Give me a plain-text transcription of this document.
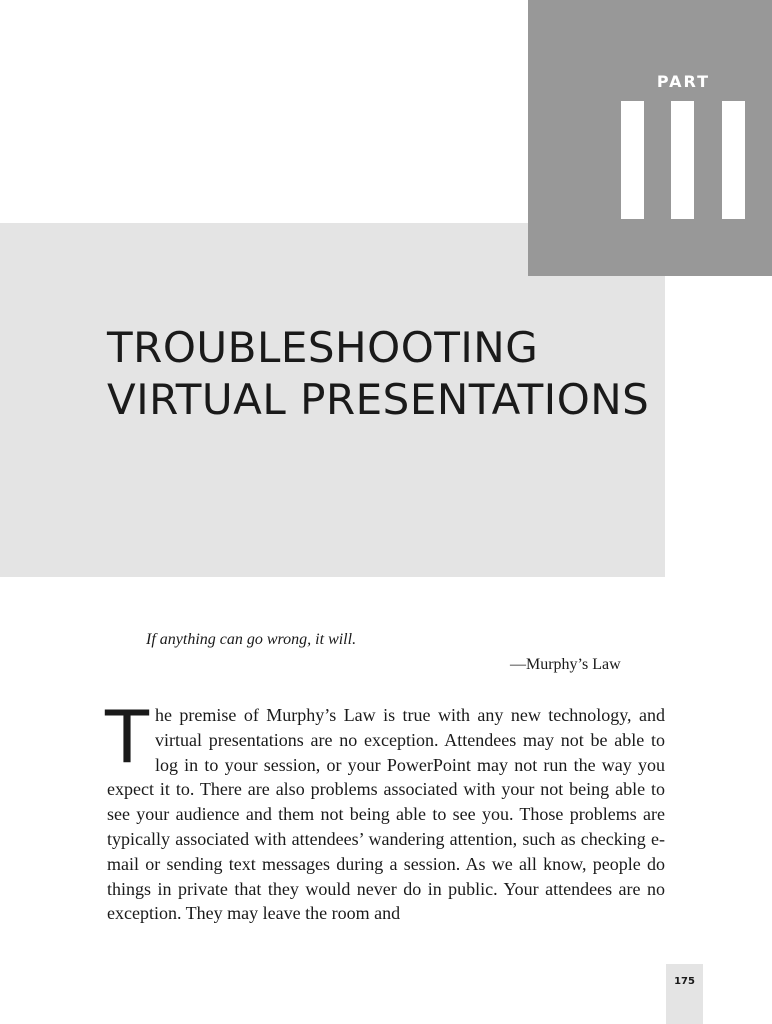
PART
TROUBLESHOOTING
VIRTUAL PRESENTATIONS
If anything can go wrong, it will.
—Murphy’s Law

The premise of Murphy’s Law is true with any new technology, and virtual presentations are no exception. Attendees may not be able to log in to your session, or your PowerPoint may not run the way you expect it to. There are also problems associated with your not being able to see your audience and them not being able to see you. Those problems are typically associated with attendees’ wandering attention, such as checking e-mail or sending text messages during a session. As we all know, people do things in private that they would never do in public. Your attendees are no exception. They may leave the room and

175
